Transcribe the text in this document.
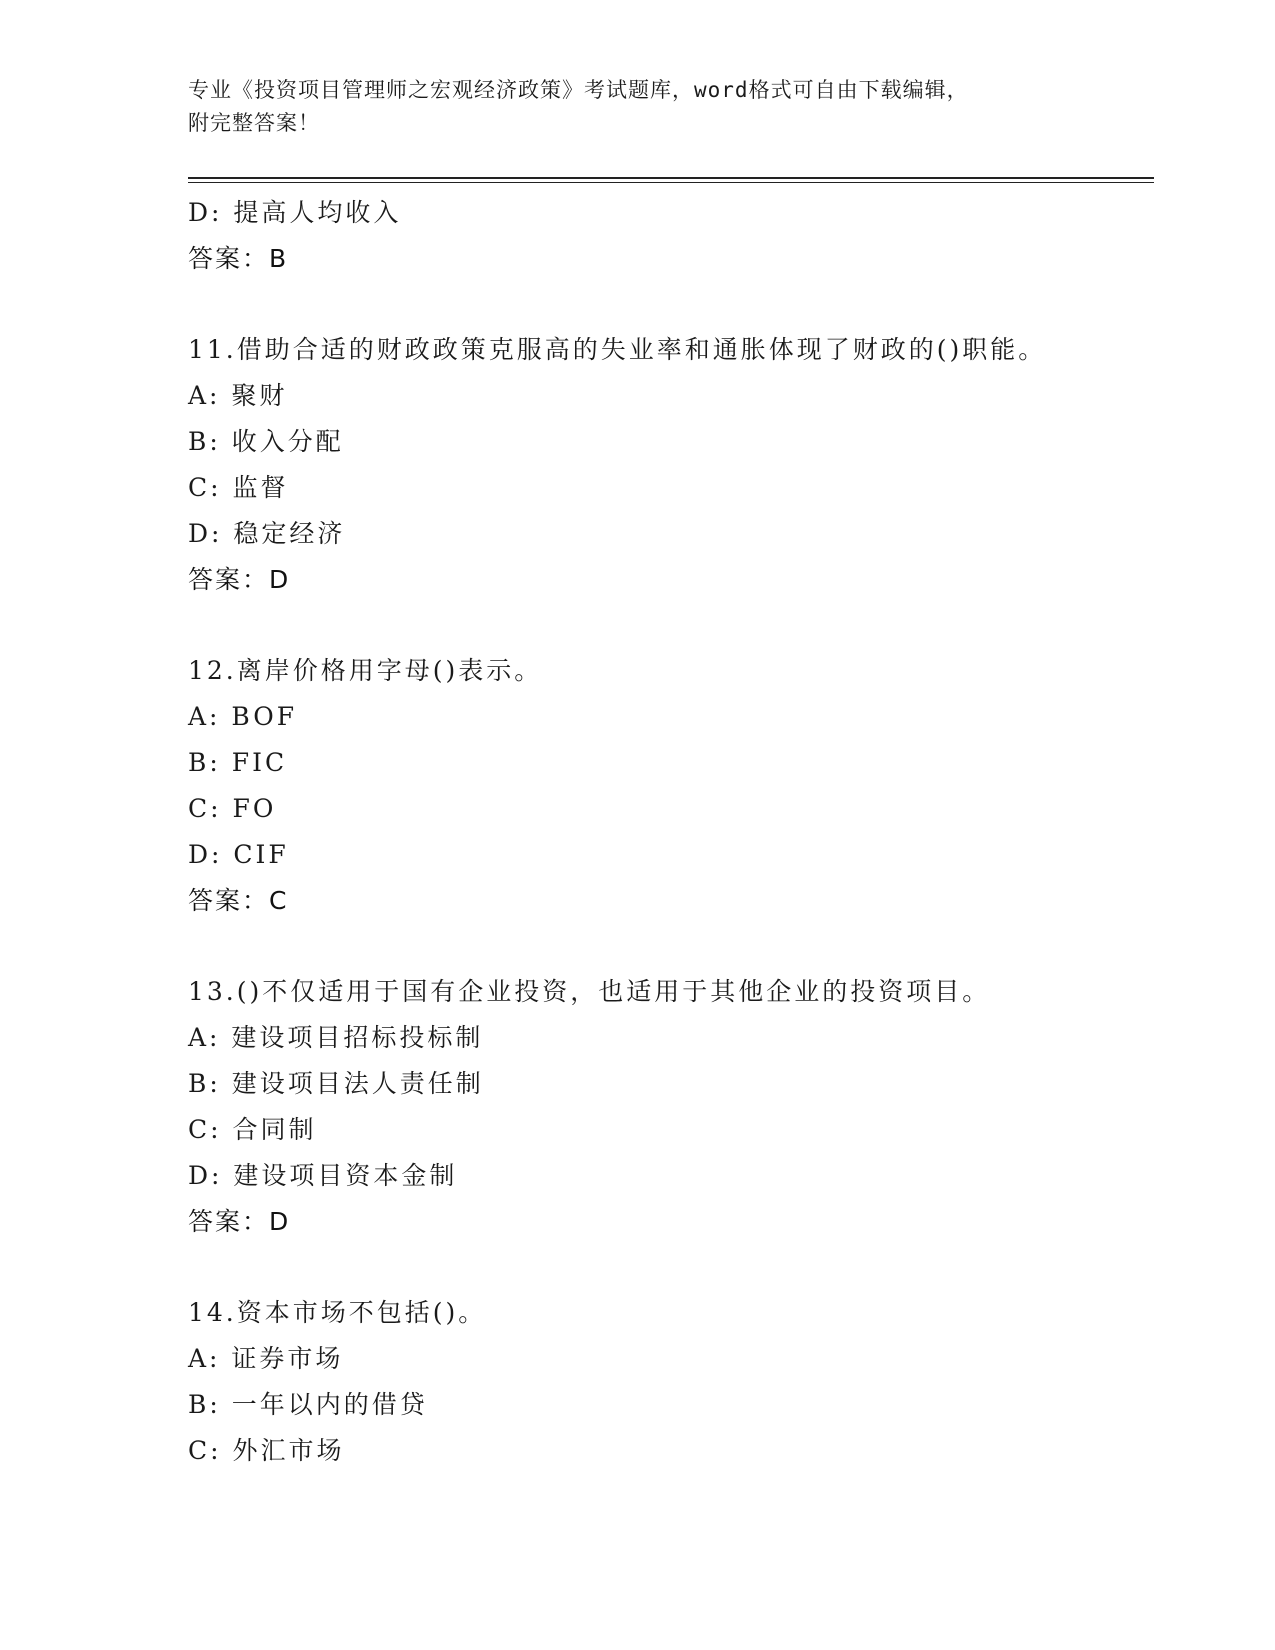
专业《投资项目管理师之宏观经济政策》考试题库，word格式可自由下载编辑，
附完整答案！
D: 提高人均收入
答案：B
11.借助合适的财政政策克服高的失业率和通胀体现了财政的()职能。
A: 聚财
B: 收入分配
C: 监督
D: 稳定经济
答案：D
12.离岸价格用字母()表示。
A: BOF
B: FIC
C: FO
D: CIF
答案：C
13.()不仅适用于国有企业投资，也适用于其他企业的投资项目。
A: 建设项目招标投标制
B: 建设项目法人责任制
C: 合同制
D: 建设项目资本金制
答案：D
14.资本市场不包括()。
A: 证券市场
B: 一年以内的借贷
C: 外汇市场
